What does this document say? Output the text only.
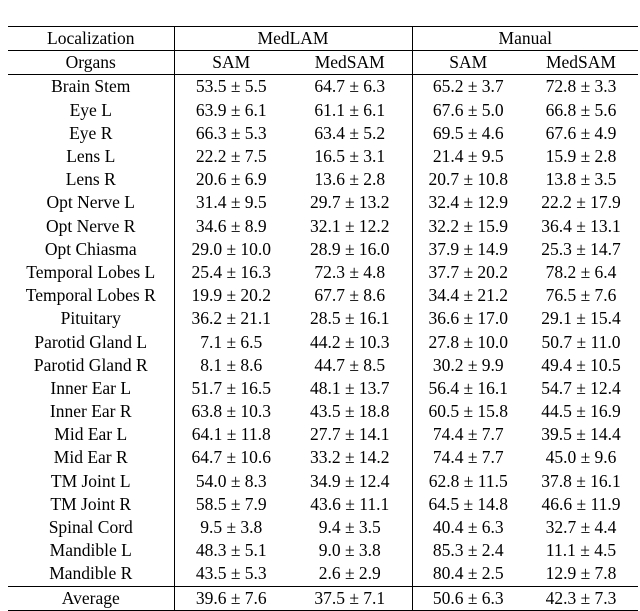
Localization	MedLAM		Manual	
Organs	SAM	MedSAM	SAM	MedSAM
Brain Stem	53.5 ± 5.5	64.7 ± 6.3	65.2 ± 3.7	72.8 ± 3.3
Eye L	63.9 ± 6.1	61.1 ± 6.1	67.6 ± 5.0	66.8 ± 5.6
Eye R	66.3 ± 5.3	63.4 ± 5.2	69.5 ± 4.6	67.6 ± 4.9
Lens L	22.2 ± 7.5	16.5 ± 3.1	21.4 ± 9.5	15.9 ± 2.8
Lens R	20.6 ± 6.9	13.6 ± 2.8	20.7 ± 10.8	13.8 ± 3.5
Opt Nerve L	31.4 ± 9.5	29.7 ± 13.2	32.4 ± 12.9	22.2 ± 17.9
Opt Nerve R	34.6 ± 8.9	32.1 ± 12.2	32.2 ± 15.9	36.4 ± 13.1
Opt Chiasma	29.0 ± 10.0	28.9 ± 16.0	37.9 ± 14.9	25.3 ± 14.7
Temporal Lobes L	25.4 ± 16.3	72.3 ± 4.8	37.7 ± 20.2	78.2 ± 6.4
Temporal Lobes R	19.9 ± 20.2	67.7 ± 8.6	34.4 ± 21.2	76.5 ± 7.6
Pituitary	36.2 ± 21.1	28.5 ± 16.1	36.6 ± 17.0	29.1 ± 15.4
Parotid Gland L	7.1 ± 6.5	44.2 ± 10.3	27.8 ± 10.0	50.7 ± 11.0
Parotid Gland R	8.1 ± 8.6	44.7 ± 8.5	30.2 ± 9.9	49.4 ± 10.5
Inner Ear L	51.7 ± 16.5	48.1 ± 13.7	56.4 ± 16.1	54.7 ± 12.4
Inner Ear R	63.8 ± 10.3	43.5 ± 18.8	60.5 ± 15.8	44.5 ± 16.9
Mid Ear L	64.1 ± 11.8	27.7 ± 14.1	74.4 ± 7.7	39.5 ± 14.4
Mid Ear R	64.7 ± 10.6	33.2 ± 14.2	74.4 ± 7.7	45.0 ± 9.6
TM Joint L	54.0 ± 8.3	34.9 ± 12.4	62.8 ± 11.5	37.8 ± 16.1
TM Joint R	58.5 ± 7.9	43.6 ± 11.1	64.5 ± 14.8	46.6 ± 11.9
Spinal Cord	9.5 ± 3.8	9.4 ± 3.5	40.4 ± 6.3	32.7 ± 4.4
Mandible L	48.3 ± 5.1	9.0 ± 3.8	85.3 ± 2.4	11.1 ± 4.5
Mandible R	43.5 ± 5.3	2.6 ± 2.9	80.4 ± 2.5	12.9 ± 7.8
Average	39.6 ± 7.6	37.5 ± 7.1	50.6 ± 6.3	42.3 ± 7.3
